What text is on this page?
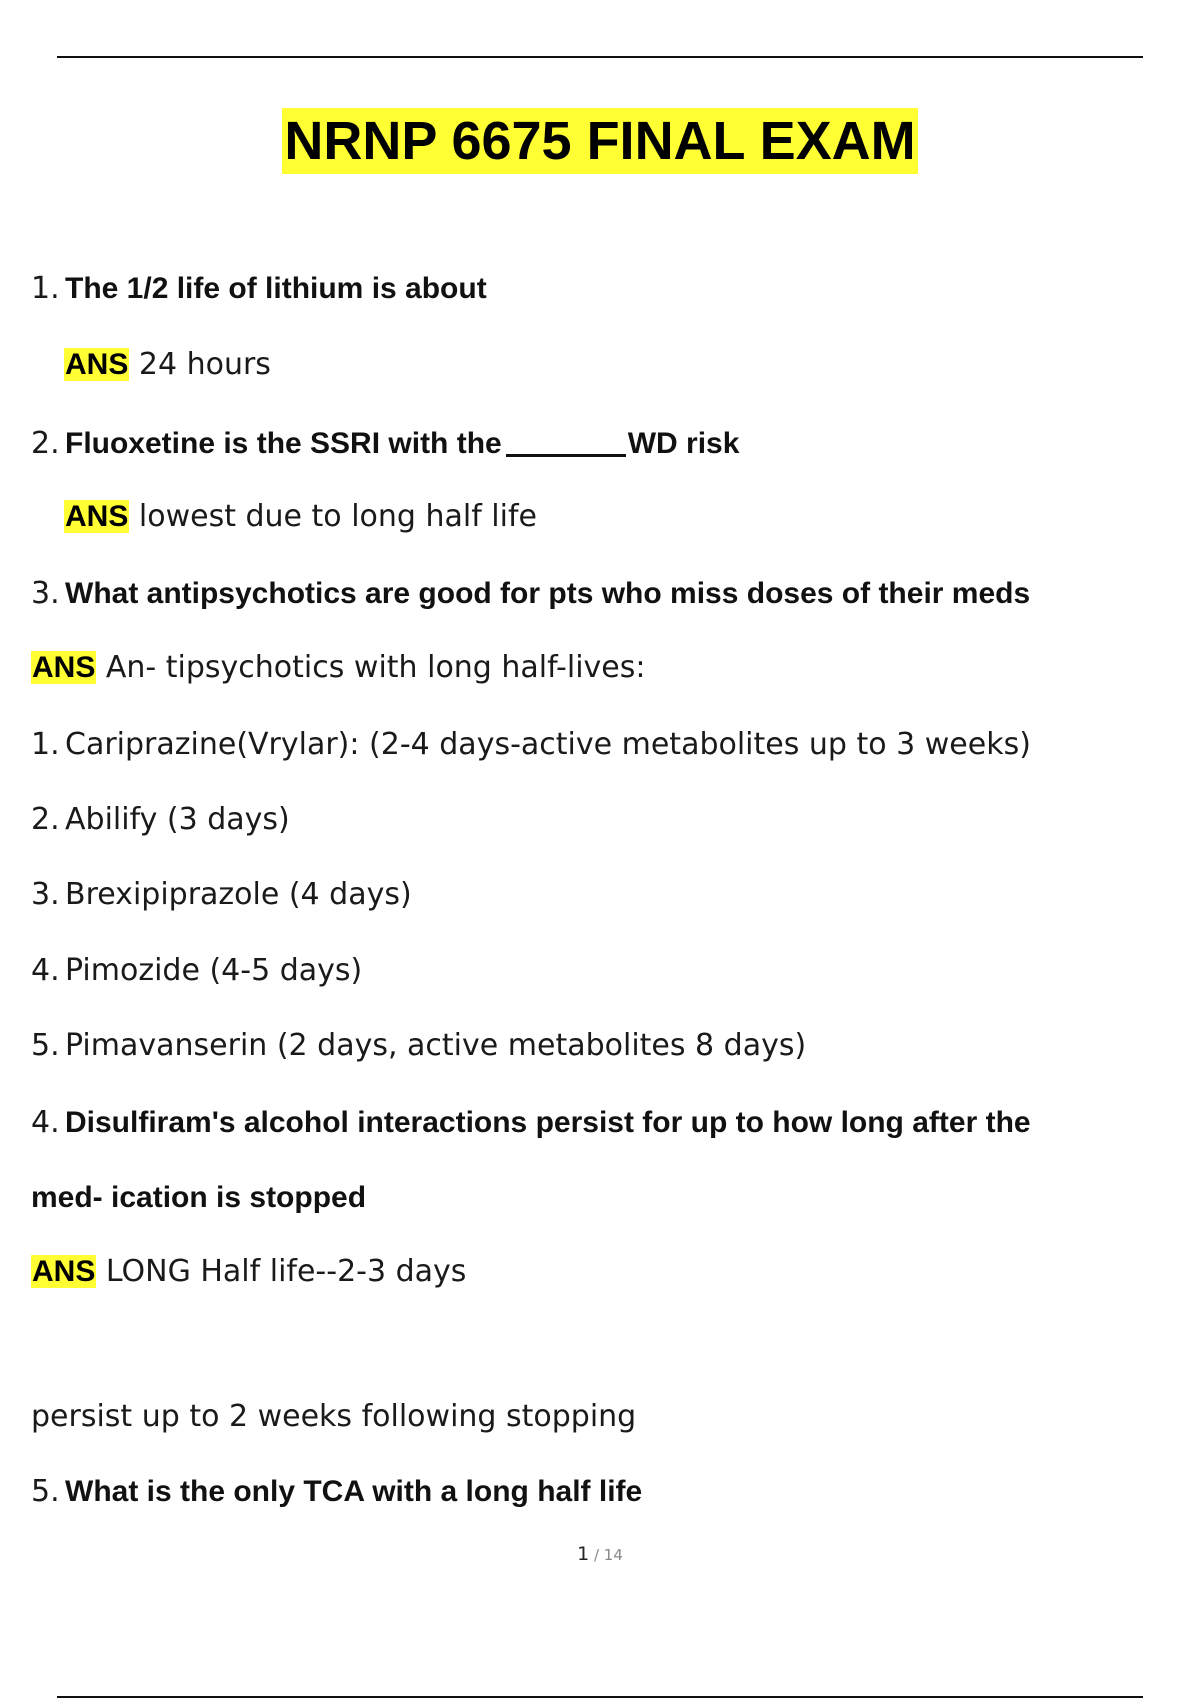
NRNP 6675 FINAL EXAM
1. The 1/2 life of lithium is about
ANS 24 hours
2. Fluoxetine is the SSRI with the	WD risk
ANS lowest due to long half life
3. What antipsychotics are good for pts who miss doses of their meds
ANS An- tipsychotics with long half-lives:
1. Cariprazine(Vrylar): (2-4 days-active metabolites up to 3 weeks)
2. Abilify (3 days)
3. Brexipiprazole (4 days)
4. Pimozide (4-5 days)
5. Pimavanserin (2 days, active metabolites 8 days)
4. Disulfiram's alcohol interactions persist for up to how long after the
med- ication is stopped
ANS LONG Half life--2-3 days
persist up to 2 weeks following stopping
5. What is the only TCA with a long half life
1 / 14
